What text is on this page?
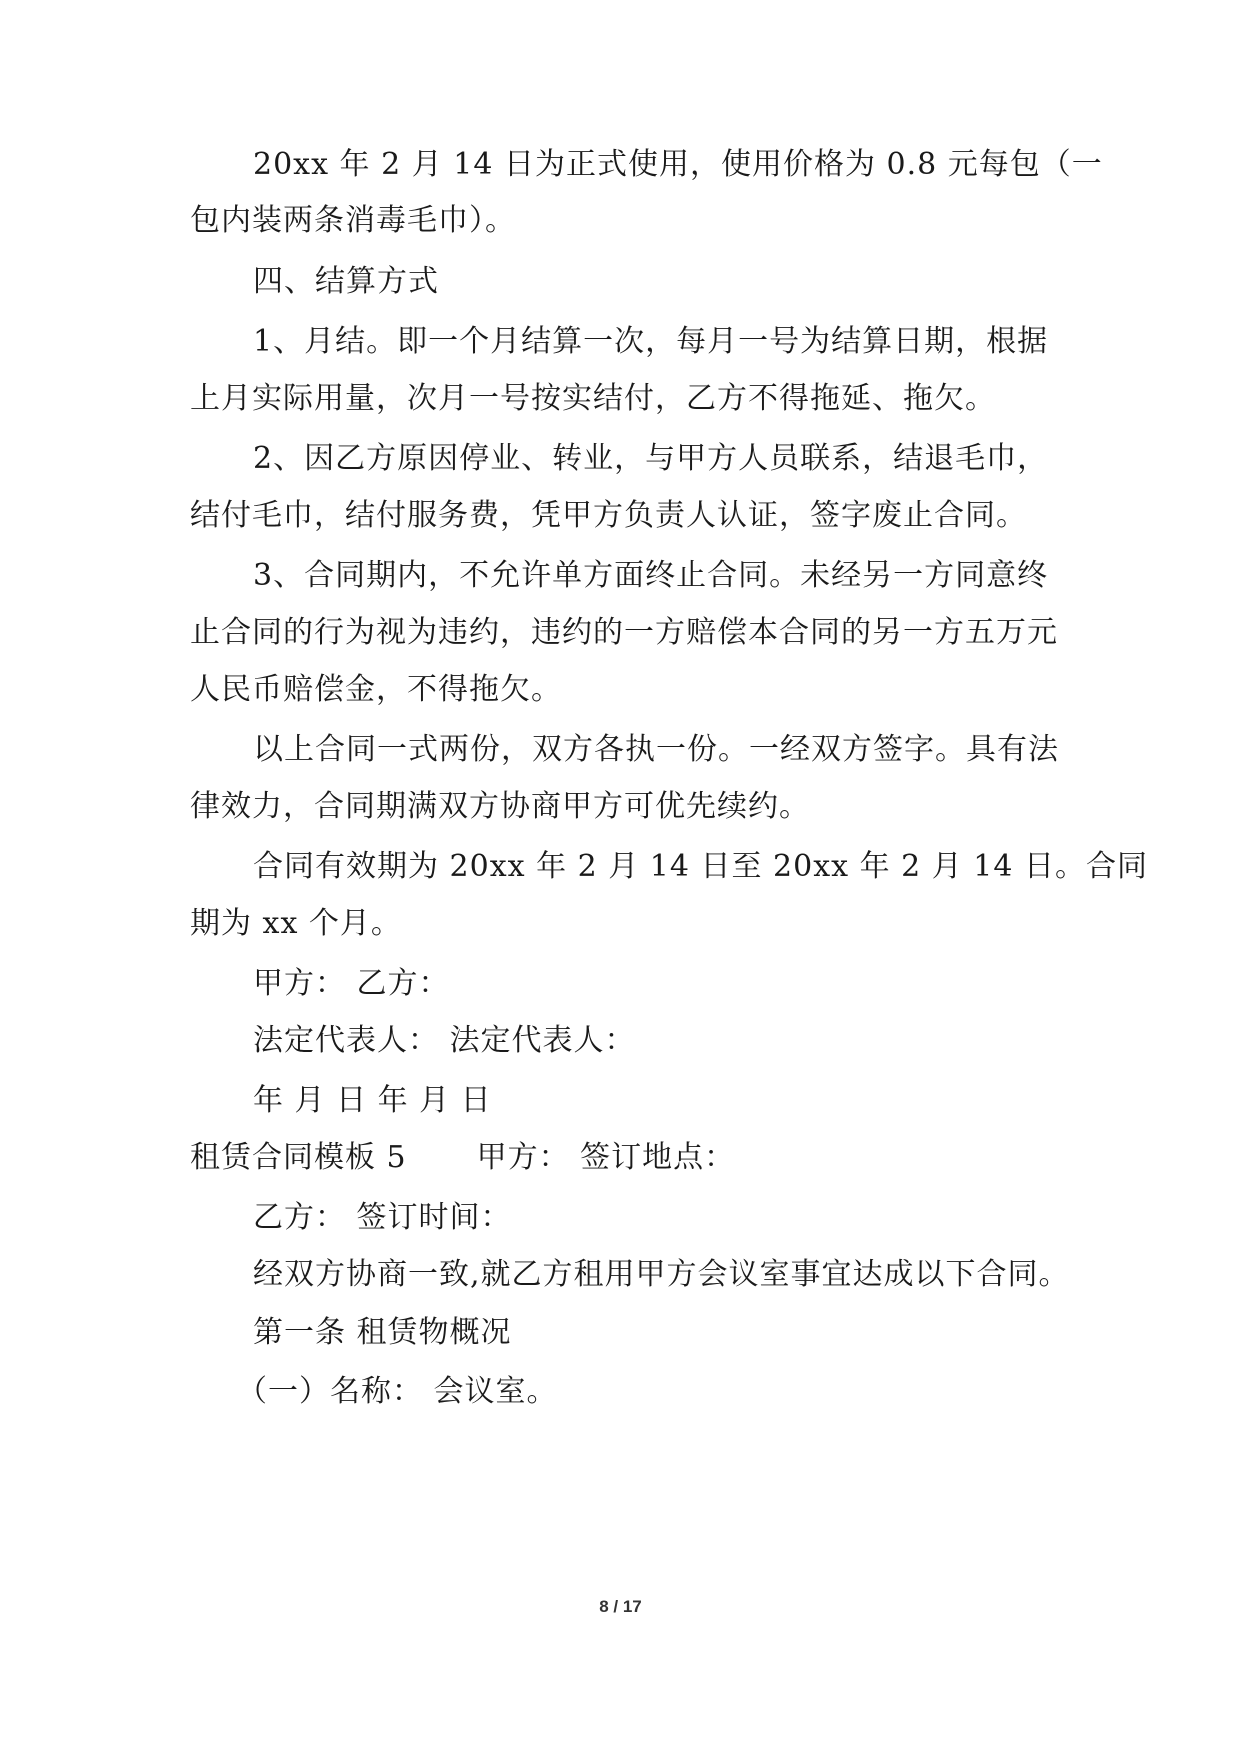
20xx 年 2 月 14 日为正式使用，使用价格为 0.8 元每包（一
包内装两条消毒毛巾）。
四、结算方式
1、月结。即一个月结算一次，每月一号为结算日期，根据
上月实际用量，次月一号按实结付，乙方不得拖延、拖欠。
2、因乙方原因停业、转业，与甲方人员联系，结退毛巾，
结付毛巾，结付服务费，凭甲方负责人认证，签字废止合同。
3、合同期内，不允许单方面终止合同。未经另一方同意终
止合同的行为视为违约，违约的一方赔偿本合同的另一方五万元
人民币赔偿金，不得拖欠。
以上合同一式两份，双方各执一份。一经双方签字。具有法
律效力，合同期满双方协商甲方可优先续约。
合同有效期为 20xx 年 2 月 14 日至 20xx 年 2 月 14 日。合同
期为 xx 个月。
甲方： 乙方：
法定代表人： 法定代表人：
年 月 日 年 月 日
租赁合同模板 5 甲方： 签订地点：
乙方： 签订时间：
经双方协商一致,就乙方租用甲方会议室事宜达成以下合同。
第一条 租赁物概况
（一）名称： 会议室。
8 / 17
